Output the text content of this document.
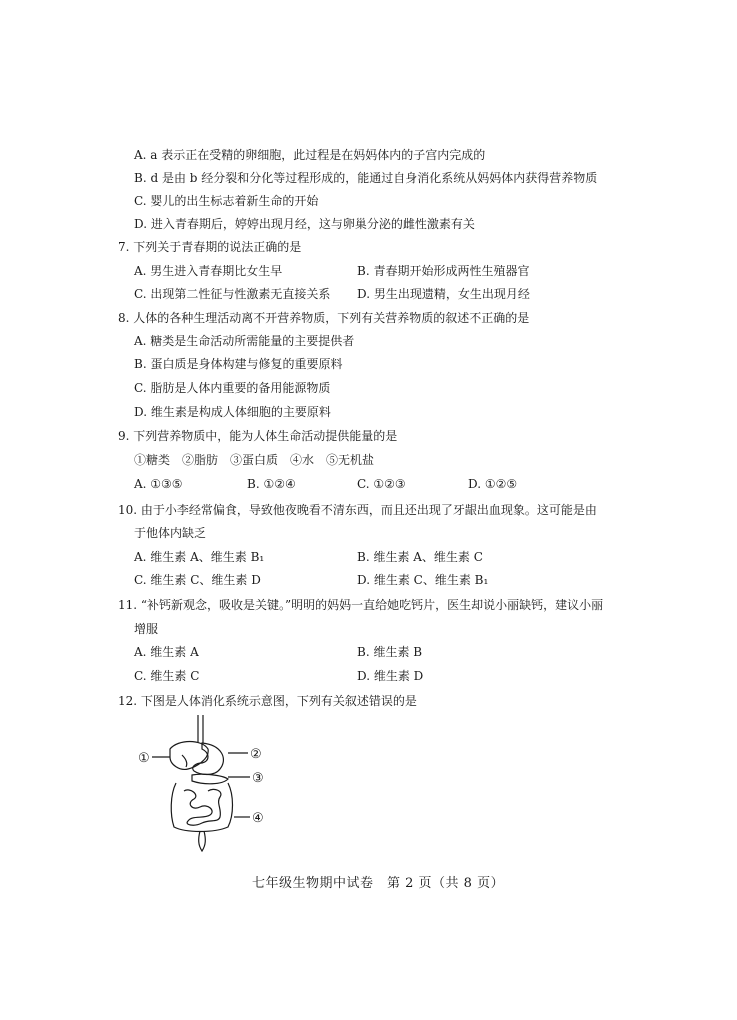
A. a 表示正在受精的卵细胞，此过程是在妈妈体内的子宫内完成的
B. d 是由 b 经分裂和分化等过程形成的，能通过自身消化系统从妈妈体内获得营养物质
C. 婴儿的出生标志着新生命的开始
D. 进入青春期后，婷婷出现月经，这与卵巢分泌的雌性激素有关
7. 下列关于青春期的说法正确的是
A. 男生进入青春期比女生早	B. 青春期开始形成两性生殖器官
C. 出现第二性征与性激素无直接关系 D. 男生出现遗精，女生出现月经
8. 人体的各种生理活动离不开营养物质，下列有关营养物质的叙述不正确的是
A. 糖类是生命活动所需能量的主要提供者
B. 蛋白质是身体构建与修复的重要原料
C. 脂肪是人体内重要的备用能源物质
D. 维生素是构成人体细胞的主要原料
9. 下列营养物质中，能为人体生命活动提供能量的是
①糖类　②脂肪　③蛋白质　④水　⑤无机盐
A. ①③⑤	B. ①②④	C. ①②③	D. ①②⑤
10. 由于小李经常偏食，导致他夜晚看不清东西，而且还出现了牙龈出血现象。这可能是由
于他体内缺乏
A. 维生素 A、维生素 B₁	B. 维生素 A、维生素 C
C. 维生素 C、维生素 D	D. 维生素 C、维生素 B₁
11. “补钙新观念，吸收是关键。”明明的妈妈一直给她吃钙片，医生却说小丽缺钙，建议小丽
增服
A. 维生素 A	B. 维生素 B
C. 维生素 C	D. 维生素 D
12. 下图是人体消化系统示意图，下列有关叙述错误的是
①	②
③
④
七年级生物期中试卷　第 2 页（共 8 页）
